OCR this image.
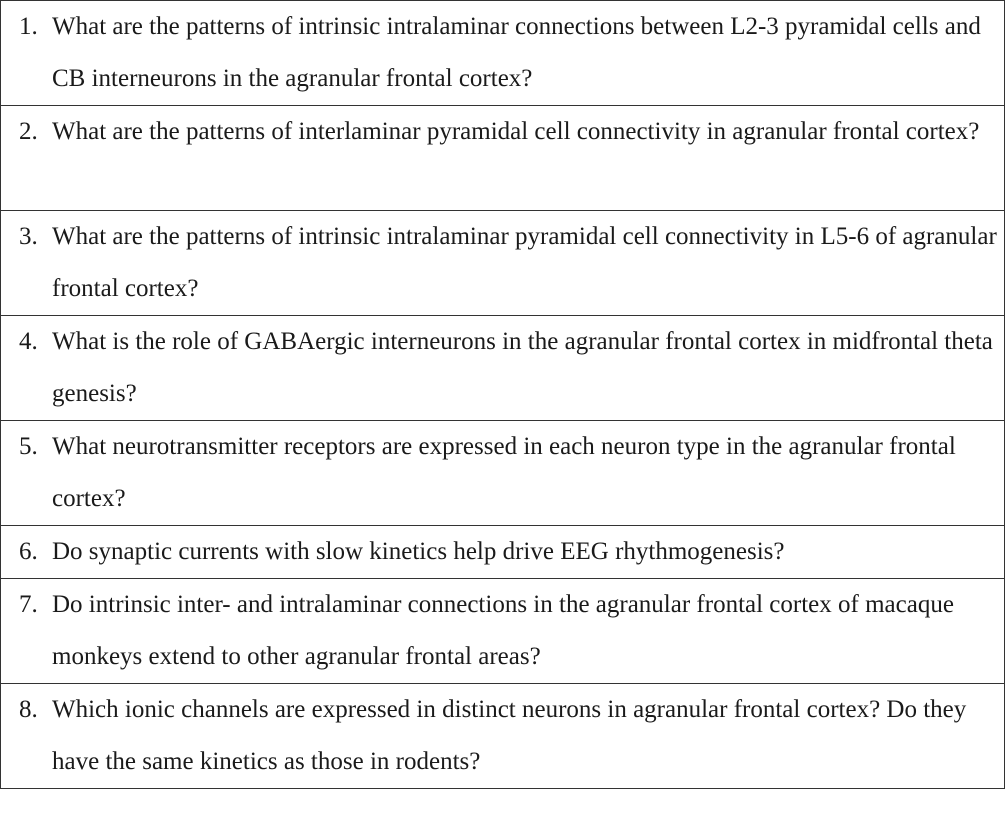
1. What are the patterns of intrinsic intralaminar connections between L2-3 pyramidal cells and CB interneurons in the agranular frontal cortex?
2. What are the patterns of interlaminar pyramidal cell connectivity in agranular frontal cortex?
3. What are the patterns of intrinsic intralaminar pyramidal cell connectivity in L5-6 of agranular frontal cortex?
4. What is the role of GABAergic interneurons in the agranular frontal cortex in midfrontal theta genesis?
5. What neurotransmitter receptors are expressed in each neuron type in the agranular frontal cortex?
6. Do synaptic currents with slow kinetics help drive EEG rhythmogenesis?
7. Do intrinsic inter- and intralaminar connections in the agranular frontal cortex of macaque monkeys extend to other agranular frontal areas?
8. Which ionic channels are expressed in distinct neurons in agranular frontal cortex? Do they have the same kinetics as those in rodents?
